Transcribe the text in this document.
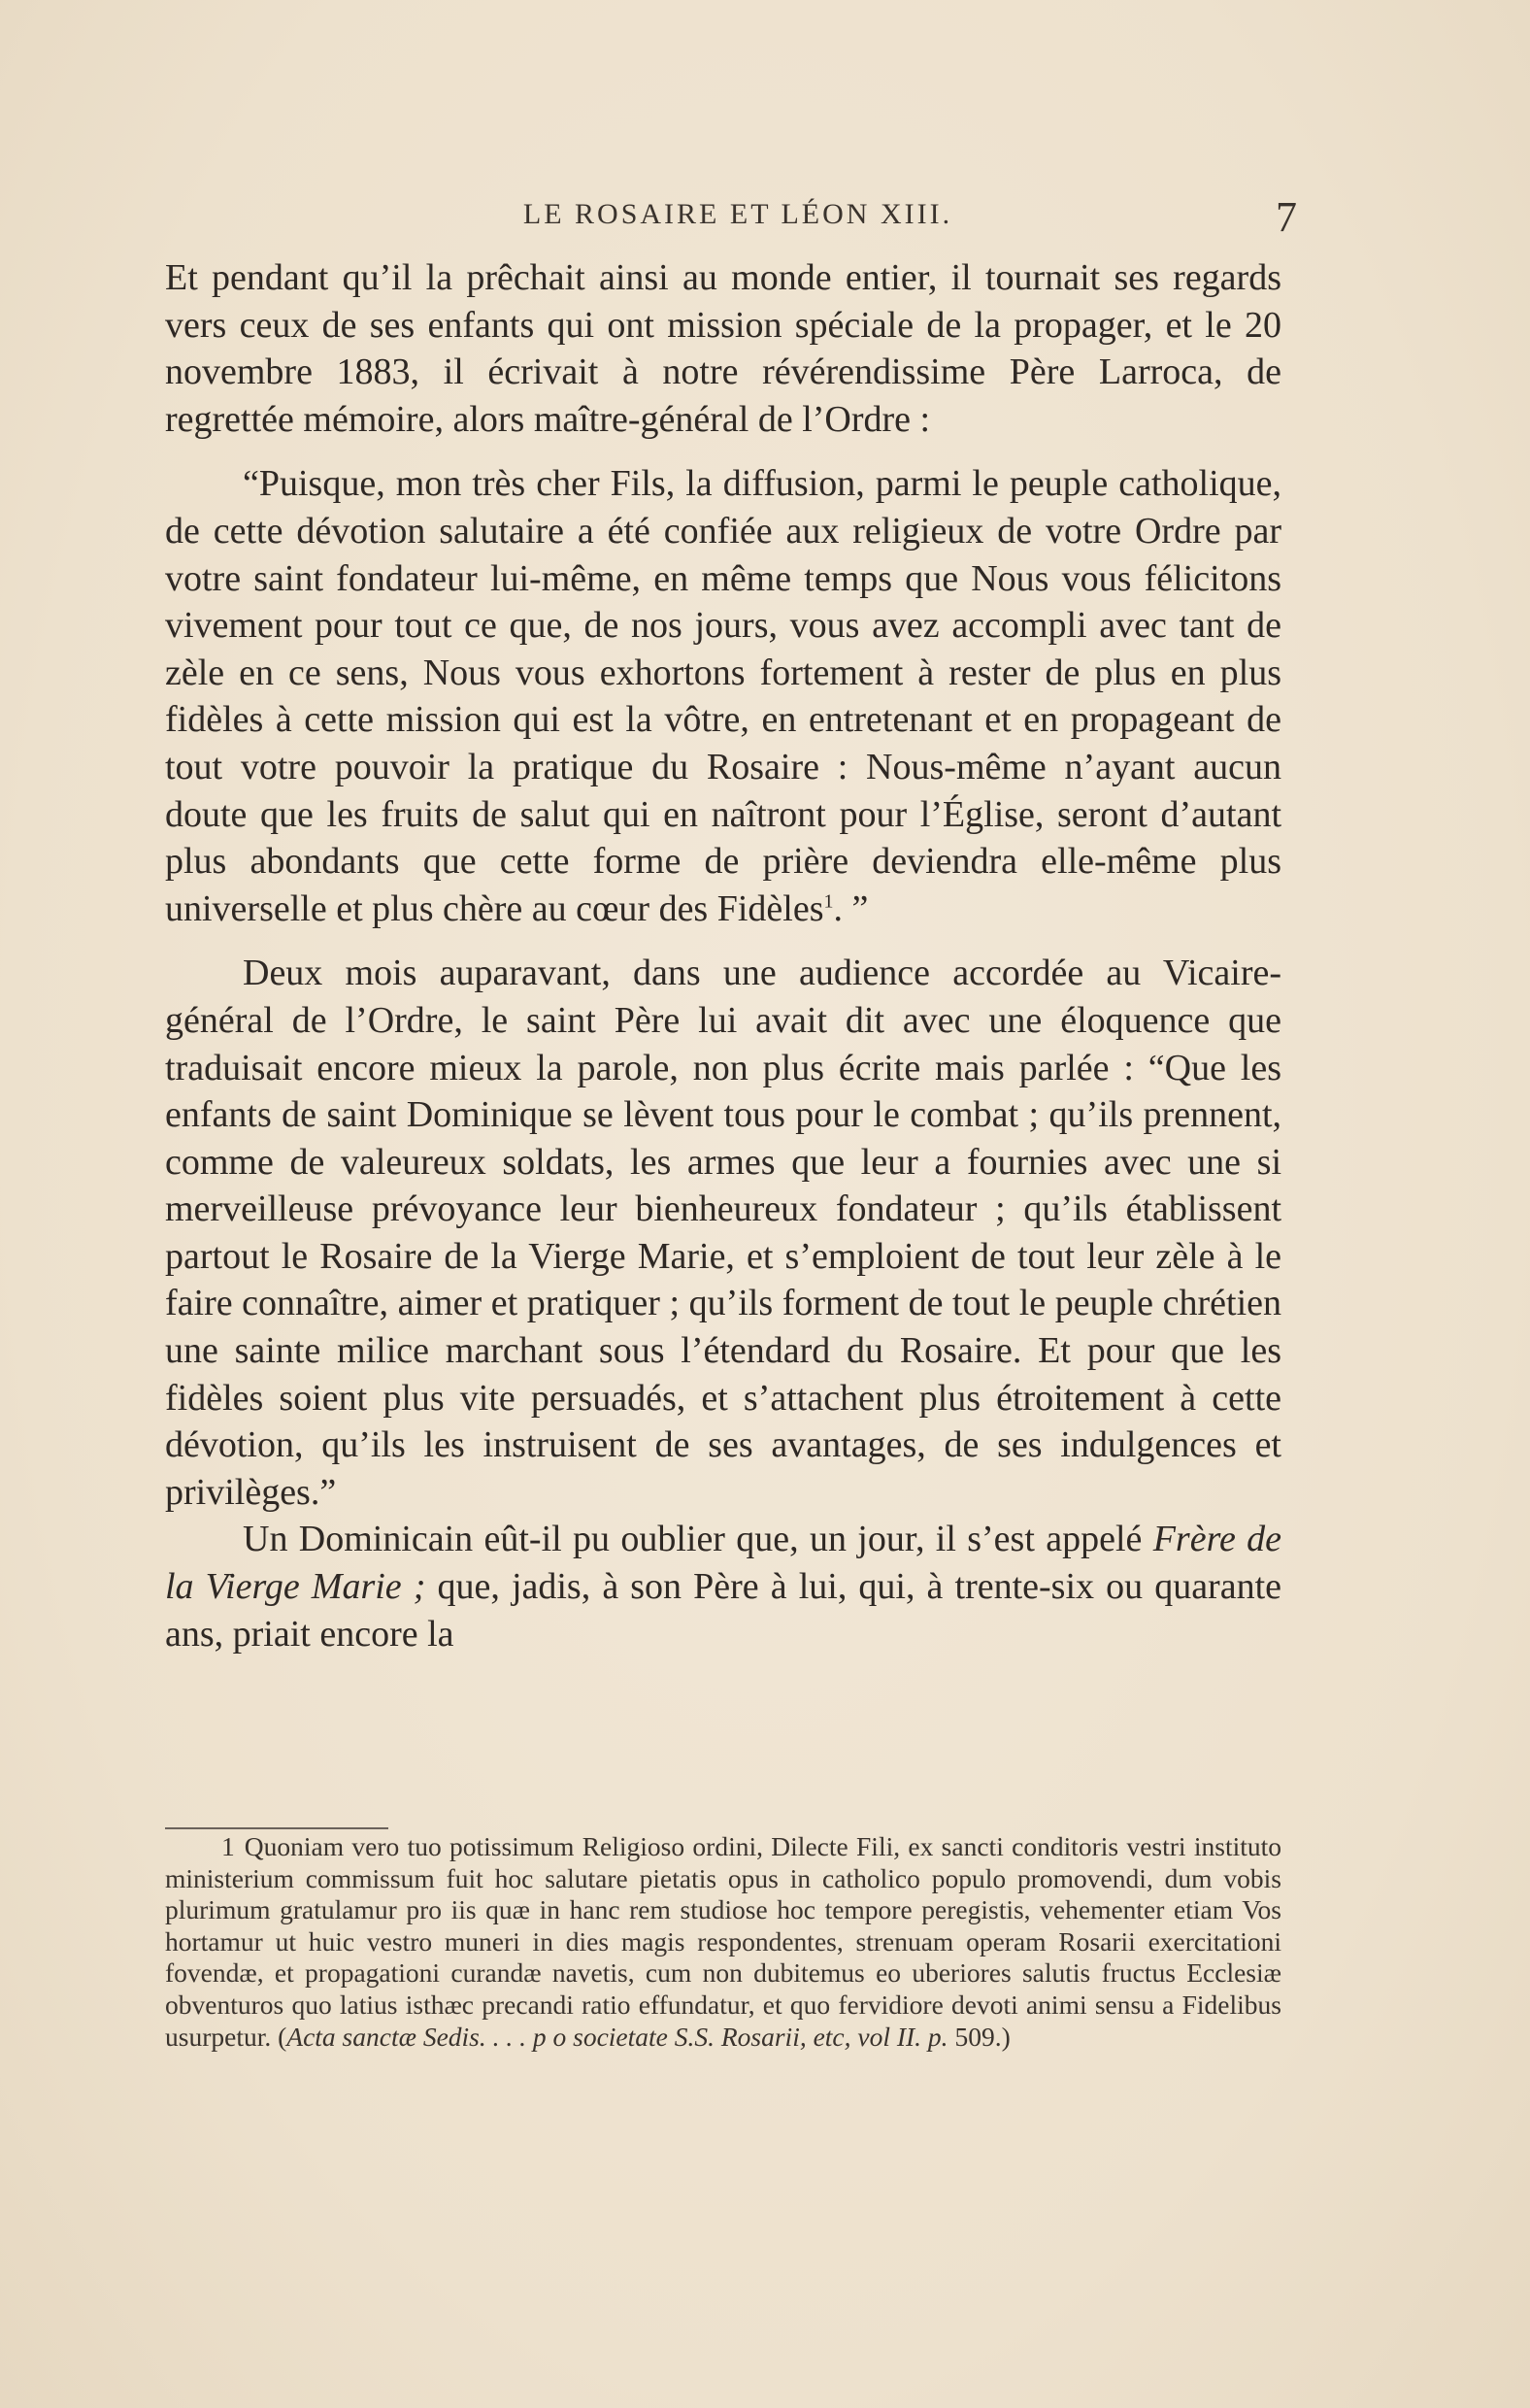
LE ROSAIRE ET LÉON XIII.	7

Et pendant qu’il la prêchait ainsi au monde entier, il tournait ses regards vers ceux de ses enfants qui ont mission spéciale de la propager, et le 20 novembre 1883, il écrivait à notre révérendissime Père Larroca, de regrettée mémoire, alors maître-général de l’Ordre :

“Puisque, mon très cher Fils, la diffusion, parmi le peuple catholique, de cette dévotion salutaire a été confiée aux religieux de votre Ordre par votre saint fondateur lui-même, en même temps que Nous vous félicitons vivement pour tout ce que, de nos jours, vous avez accompli avec tant de zèle en ce sens, Nous vous exhortons fortement à rester de plus en plus fidèles à cette mission qui est la vôtre, en entretenant et en propageant de tout votre pouvoir la pratique du Rosaire : Nous-même n’ayant aucun doute que les fruits de salut qui en naîtront pour l’Église, seront d’autant plus abondants que cette forme de prière deviendra elle-même plus universelle et plus chère au cœur des Fidèles$^1$. ”

Deux mois auparavant, dans une audience accordée au Vicaire-général de l’Ordre, le saint Père lui avait dit avec une éloquence que traduisait encore mieux la parole, non plus écrite mais parlée : “Que les enfants de saint Dominique se lèvent tous pour le combat ; qu’ils prennent, comme de valeureux soldats, les armes que leur a fournies avec une si merveilleuse prévoyance leur bienheureux fondateur ; qu’ils établissent partout le Rosaire de la Vierge Marie, et s’emploient de tout leur zèle à le faire connaître, aimer et pratiquer ; qu’ils forment de tout le peuple chrétien une sainte milice marchant sous l’étendard du Rosaire. Et pour que les fidèles soient plus vite persuadés, et s’attachent plus étroitement à cette dévotion, qu’ils les instruisent de ses avantages, de ses indulgences et privilèges.”

Un Dominicain eût-il pu oublier que, un jour, il s’est appelé Frère de la Vierge Marie ; que, jadis, à son Père à lui, qui, à trente-six ou quarante ans, priait encore la

1 Quoniam vero tuo potissimum Religioso ordini, Dilecte Fili, ex sancti conditoris vestri instituto ministerium commissum fuit hoc salutare pietatis opus in catholico populo promovendi, dum vobis plurimum gratulamur pro iis quæ in hanc rem studiose hoc tempore peregistis, vehementer etiam Vos hortamur ut huic vestro muneri in dies magis respondentes, strenuam operam Rosarii exercitationi fovendæ, et propagationi curandæ navetis, cum non dubitemus eo uberiores salutis fructus Ecclesiæ obventuros quo latius isthæc precandi ratio effundatur, et quo fervidiore devoti animi sensu a Fidelibus usurpetur. (Acta sanctæ Sedis. . . . p o societate S.S. Rosarii, etc, vol II. p. 509.)
